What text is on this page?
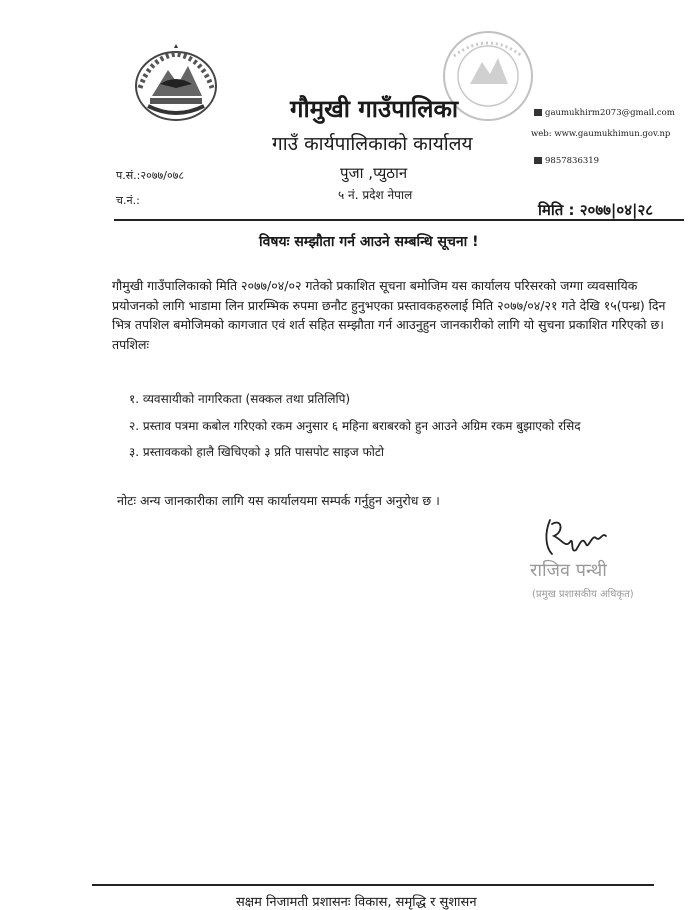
गौमुखी गाउँपालिका
गाउँ कार्यपालिकाको कार्यालय
पुजा ,प्युठान
५ नं. प्रदेश नेपाल
gaumukhirm2073@gmail.com
web: www.gaumukhimun.gov.np
9857836319
प.सं.:२०७७/०७८
च.नं.:
मिति : २०७७|०४|२८
विषयः सम्झौता गर्न आउने सम्बन्धि सूचना !
गौमुखी गाउँपालिकाको मिति २०७७/०४/०२ गतेको प्रकाशित सूचना बमोजिम यस कार्यालय परिसरको जग्गा व्यवसायिक प्रयोजनको लागि भाडामा लिन प्रारम्भिक रुपमा छनौट हुनुभएका प्रस्तावकहरुलाई मिति २०७७/०४/२१ गते देखि १५(पन्ध्र) दिन भित्र तपशिल बमोजिमको कागजात एवं शर्त सहित सम्झौता गर्न आउनुहुन जानकारीको लागि यो सुचना प्रकाशित गरिएको छ।
तपशिलः
१. व्यवसायीको नागरिकता (सक्कल तथा प्रतिलिपि)
२. प्रस्ताव पत्रमा कबोल गरिएको रकम अनुसार ६ महिना बराबरको हुन आउने अग्रिम रकम बुझाएको रसिद
३. प्रस्तावकको हालै खिचिएको ३ प्रति पासपोट साइज फोटो
नोटः अन्य जानकारीका लागि यस कार्यालयमा सम्पर्क गर्नुहुन अनुरोध छ ।
राजिव पन्थी
(प्रमुख प्रशासकीय अधिकृत)
सक्षम निजामती प्रशासनः विकास, समृद्धि र सुशासन
